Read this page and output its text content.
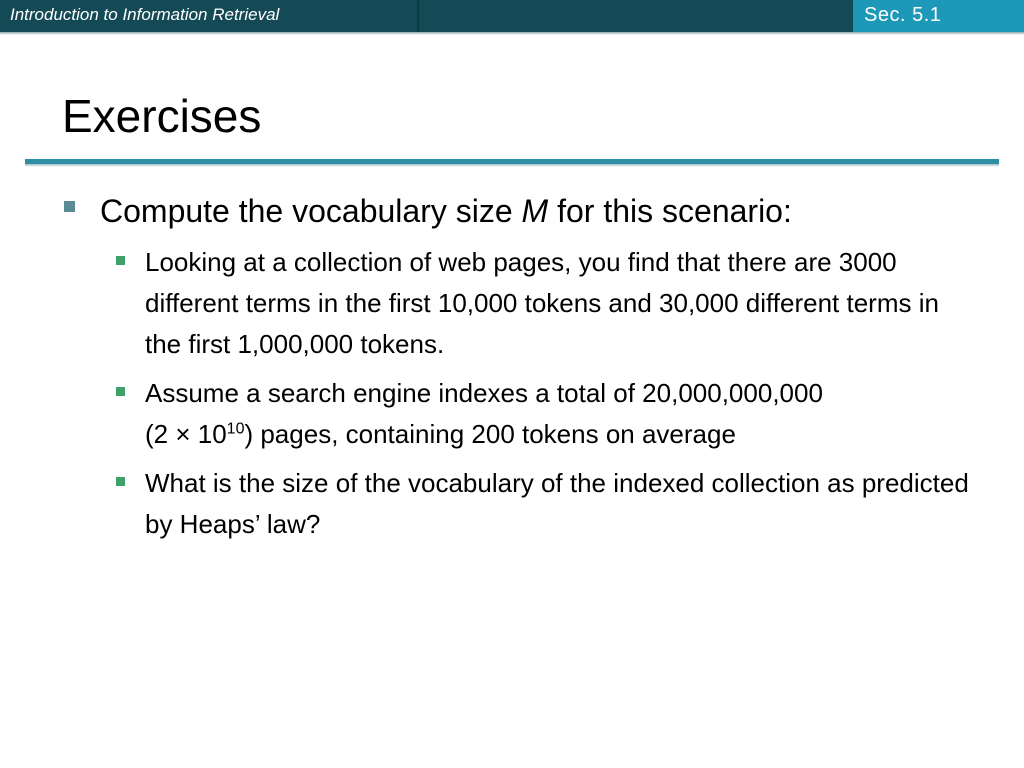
Introduction to Information Retrieval	Sec. 5.1
Exercises
Compute the vocabulary size M for this scenario:
Looking at a collection of web pages, you find that there are 3000 different terms in the first 10,000 tokens and 30,000 different terms in the first 1,000,000 tokens.
Assume a search engine indexes a total of 20,000,000,000
$(2 \times 10^{10})$ pages, containing 200 tokens on average
What is the size of the vocabulary of the indexed collection as predicted by Heaps’ law?
